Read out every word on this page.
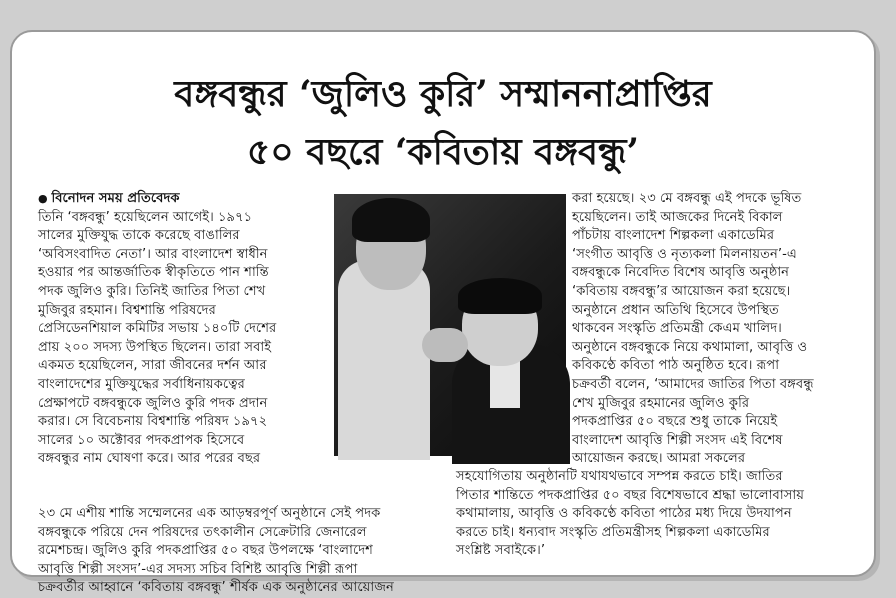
বঙ্গবন্ধুর ‘জুলিও কুরি’ সম্মাননাপ্রাপ্তির
৫০ বছরে ‘কবিতায় বঙ্গবন্ধু’

● বিনোদন সময় প্রতিবেদক

তিনি ‘বঙ্গবন্ধু’ হয়েছিলেন আগেই। ১৯৭১

সালের মুক্তিযুদ্ধ তাকে করেছে বাঙালির

‘অবিসংবাদিত নেতা’। আর বাংলাদেশ স্বাধীন

হওয়ার পর আন্তর্জাতিক স্বীকৃতিতে পান শান্তি

পদক জুলিও কুরি। তিনিই জাতির পিতা শেখ

মুজিবুর রহমান। বিশ্বশান্তি পরিষদের

প্রেসিডেনশিয়াল কমিটির সভায় ১৪০টি দেশের

প্রায় ২০০ সদস্য উপস্থিত ছিলেন। তারা সবাই

একমত হয়েছিলেন, সারা জীবনের দর্শন আর

বাংলাদেশের মুক্তিযুদ্ধের সর্বাধিনায়কত্বের

প্রেক্ষাপটে বঙ্গবন্ধুকে জুলিও কুরি পদক প্রদান

করার। সে বিবেচনায় বিশ্বশান্তি পরিষদ ১৯৭২

সালের ১০ অক্টোবর পদকপ্রাপক হিসেবে

বঙ্গবন্ধুর নাম ঘোষণা করে। আর পরের বছর

করা হয়েছে। ২৩ মে বঙ্গবন্ধু এই পদকে ভূষিত

হয়েছিলেন। তাই আজকের দিনেই বিকাল

পাঁচটায় বাংলাদেশ শিল্পকলা একাডেমির

‘সংগীত আবৃত্তি ও নৃত্যকলা মিলনায়তন’-এ

বঙ্গবন্ধুকে নিবেদিত বিশেষ আবৃত্তি অনুষ্ঠান

‘কবিতায় বঙ্গবন্ধু’র আয়োজন করা হয়েছে।

অনুষ্ঠানে প্রধান অতিথি হিসেবে উপস্থিত

থাকবেন সংস্কৃতি প্রতিমন্ত্রী কেএম খালিদ।

অনুষ্ঠানে বঙ্গবন্ধুকে নিয়ে কথামালা, আবৃত্তি ও

কবিকণ্ঠে কবিতা পাঠ অনুষ্ঠিত হবে। রূপা

চক্রবর্তী বলেন, ‘আমাদের জাতির পিতা বঙ্গবন্ধু

শেখ মুজিবুর রহমানের জুলিও কুরি

পদকপ্রাপ্তির ৫০ বছরে শুধু তাকে নিয়েই

বাংলাদেশ আবৃত্তি শিল্পী সংসদ এই বিশেষ

আয়োজন করছে। আমরা সকলের

সহযোগিতায় অনুষ্ঠানটি যথাযথভাবে সম্পন্ন করতে চাই। জাতির

পিতার শান্তিতে পদকপ্রাপ্তির ৫০ বছর বিশেষভাবে শ্রদ্ধা ভালোবাসায়

২৩ মে এশীয় শান্তি সম্মেলনের এক আড়ম্বরপূর্ণ অনুষ্ঠানে সেই পদক

বঙ্গবন্ধুকে পরিয়ে দেন পরিষদের তৎকালীন সেক্রেটারি জেনারেল

রমেশচন্দ্র। জুলিও কুরি পদকপ্রাপ্তির ৫০ বছর উপলক্ষে ‘বাংলাদেশ

আবৃত্তি শিল্পী সংসদ’-এর সদস্য সচিব বিশিষ্ট আবৃত্তি শিল্পী রূপা

চক্রবর্তীর আহ্বানে ‘কবিতায় বঙ্গবন্ধু’ শীর্ষক এক অনুষ্ঠানের আয়োজন

কথামালায়, আবৃত্তি ও কবিকণ্ঠে কবিতা পাঠের মধ্য দিয়ে উদযাপন

করতে চাই। ধন্যবাদ সংস্কৃতি প্রতিমন্ত্রীসহ শিল্পকলা একাডেমির

সংশ্লিষ্ট সবাইকে।’
